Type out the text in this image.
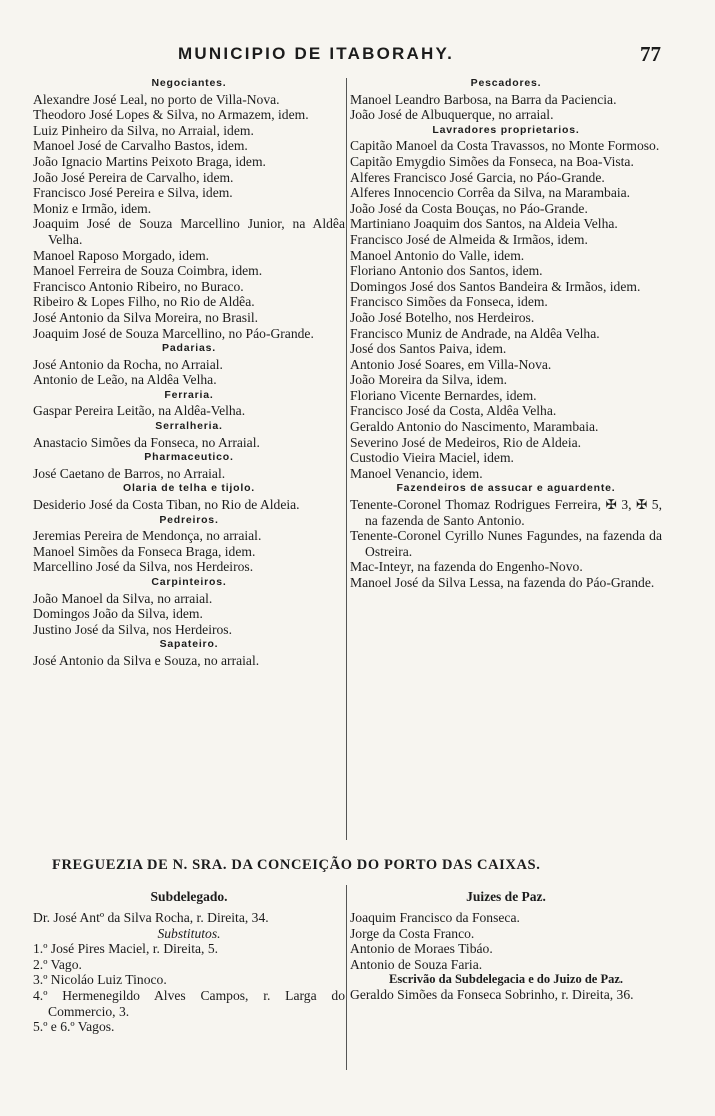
MUNICIPIO DE ITABORAHY.	77
Negociantes.
Alexandre José Leal, no porto de Villa-Nova.
Theodoro José Lopes & Silva, no Armazem, idem.
Luiz Pinheiro da Silva, no Arraial, idem.
Manoel José de Carvalho Bastos, idem.
João Ignacio Martins Peixoto Braga, idem.
João José Pereira de Carvalho, idem.
Francisco José Pereira e Silva, idem.
Moniz e Irmão, idem.
Joaquim José de Souza Marcellino Junior, na Aldêa Velha.
Manoel Raposo Morgado, idem.
Manoel Ferreira de Souza Coimbra, idem.
Francisco Antonio Ribeiro, no Buraco.
Ribeiro & Lopes Filho, no Rio de Aldêa.
José Antonio da Silva Moreira, no Brasil.
Joaquim José de Souza Marcellino, no Páo-Grande.
Padarias.
José Antonio da Rocha, no Arraial.
Antonio de Leão, na Aldêa Velha.
Ferraria.
Gaspar Pereira Leitão, na Aldêa-Velha.
Serralheria.
Anastacio Simões da Fonseca, no Arraial.
Pharmaceutico.
José Caetano de Barros, no Arraial.
Olaria de telha e tijolo.
Desiderio José da Costa Tiban, no Rio de Aldeia.
Pedreiros.
Jeremias Pereira de Mendonça, no arraial.
Manoel Simões da Fonseca Braga, idem.
Marcellino José da Silva, nos Herdeiros.
Carpinteiros.
João Manoel da Silva, no arraial.
Domingos João da Silva, idem.
Justino José da Silva, nos Herdeiros.
Sapateiro.
José Antonio da Silva e Souza, no arraial.
Pescadores.
Manoel Leandro Barbosa, na Barra da Paciencia.
João José de Albuquerque, no arraial.
Lavradores proprietarios.
Capitão Manoel da Costa Travassos, no Monte Formoso.
Capitão Emygdio Simões da Fonseca, na Boa-Vista.
Alferes Francisco José Garcia, no Páo-Grande.
Alferes Innocencio Corrêa da Silva, na Marambaia.
João José da Costa Bouças, no Páo-Grande.
Martiniano Joaquim dos Santos, na Aldeia Velha.
Francisco José de Almeida & Irmãos, idem.
Manoel Antonio do Valle, idem.
Floriano Antonio dos Santos, idem.
Domingos José dos Santos Bandeira & Irmãos, idem.
Francisco Simões da Fonseca, idem.
João José Botelho, nos Herdeiros.
Francisco Muniz de Andrade, na Aldêa Velha.
José dos Santos Paiva, idem.
Antonio José Soares, em Villa-Nova.
João Moreira da Silva, idem.
Floriano Vicente Bernardes, idem.
Francisco José da Costa, Aldêa Velha.
Geraldo Antonio do Nascimento, Marambaia.
Severino José de Medeiros, Rio de Aldeia.
Custodio Vieira Maciel, idem.
Manoel Venancio, idem.
Fazendeiros de assucar e aguardente.
Tenente-Coronel Thomaz Rodrigues Ferreira, ✠ 3, ✠ 5, na fazenda de Santo Antonio.
Tenente-Coronel Cyrillo Nunes Fagundes, na fazenda da Ostreira.
Mac-Inteyr, na fazenda do Engenho-Novo.
Manoel José da Silva Lessa, na fazenda do Páo-Grande.
FREGUEZIA DE N. SRA. DA CONCEIÇÃO DO PORTO DAS CAIXAS.
Subdelegado.
Dr. José Antº da Silva Rocha, r. Direita, 34.
Substitutos.
1.º José Pires Maciel, r. Direita, 5.
2.º Vago.
3.º Nicoláo Luiz Tinoco.
4.º Hermenegildo Alves Campos, r. Larga do Commercio, 3.
5.º e 6.º Vagos.
Juizes de Paz.
Joaquim Francisco da Fonseca.
Jorge da Costa Franco.
Antonio de Moraes Tibáo.
Antonio de Souza Faria.
Escrivão da Subdelegacia e do Juizo de Paz.
Geraldo Simões da Fonseca Sobrinho, r. Direita, 36.
